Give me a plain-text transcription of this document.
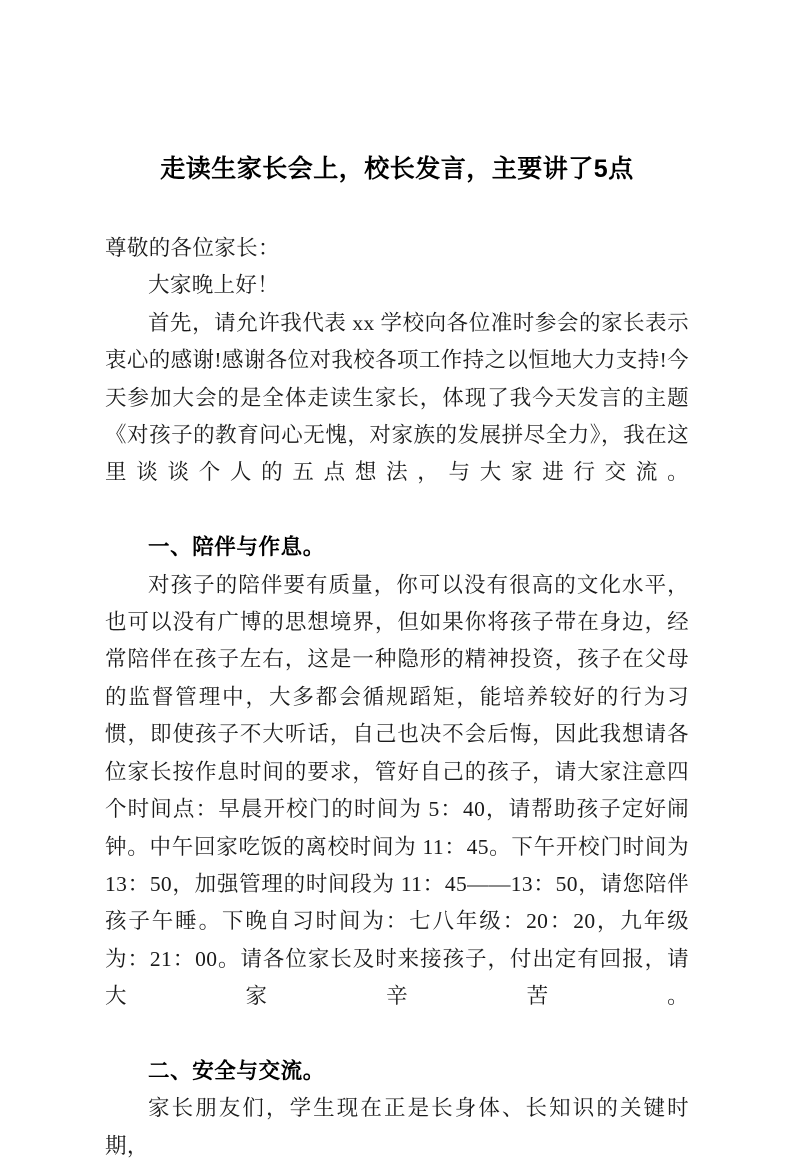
走读生家长会上，校长发言，主要讲了5点

尊敬的各位家长：

大家晚上好！

首先，请允许我代表 xx 学校向各位准时参会的家长表示衷心的感谢!感谢各位对我校各项工作持之以恒地大力支持!今天参加大会的是全体走读生家长，体现了我今天发言的主题《对孩子的教育问心无愧，对家族的发展拼尽全力》，我在这里谈谈个人的五点想法，与大家进行交流。

一、陪伴与作息。

对孩子的陪伴要有质量，你可以没有很高的文化水平，也可以没有广博的思想境界，但如果你将孩子带在身边，经常陪伴在孩子左右，这是一种隐形的精神投资，孩子在父母的监督管理中，大多都会循规蹈矩，能培养较好的行为习惯，即使孩子不大听话，自己也决不会后悔，因此我想请各位家长按作息时间的要求，管好自己的孩子，请大家注意四个时间点：早晨开校门的时间为 5：40，请帮助孩子定好闹钟。中午回家吃饭的离校时间为 11：45。下午开校门时间为 13：50，加强管理的时间段为 11：45——13：50，请您陪伴孩子午睡。下晚自习时间为：七八年级：20：20，九年级为：21：00。请各位家长及时来接孩子，付出定有回报，请大家辛苦。

二、安全与交流。

家长朋友们，学生现在正是长身体、长知识的关键时期，
